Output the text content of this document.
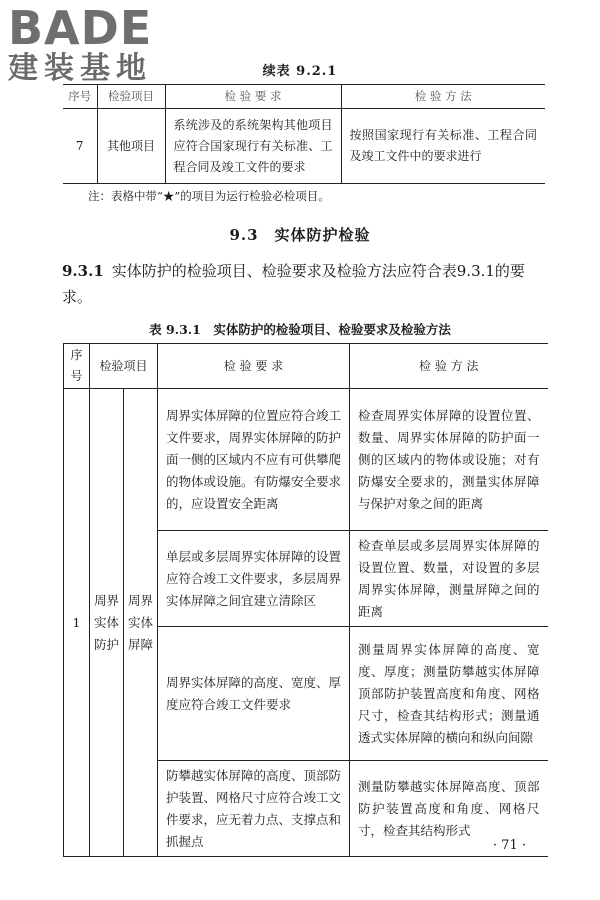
BADE
建装基地	续表 9.2.1
序号	检验项目	检 验 要 求	检 验 方 法
7	其他项目	系统涉及的系统架构其他项目应符合国家现行有关标准、工程合同及竣工文件的要求	按照国家现行有关标准、工程合同及竣工文件中的要求进行
注：表格中带“★”的项目为运行检验必检项目。
9.3　实体防护检验
9.3.1 实体防护的检验项目、检验要求及检验方法应符合表9.3.1的要求。
表 9.3.1　实体防护的检验项目、检验要求及检验方法
序号	检验项目		检 验 要 求	检 验 方 法
1	周界实体防护	周界实体屏障	周界实体屏障的位置应符合竣工文件要求，周界实体屏障的防护面一侧的区域内不应有可供攀爬的物体或设施。有防爆安全要求的，应设置安全距离	检查周界实体屏障的设置位置、数量、周界实体屏障的防护面一侧的区域内的物体或设施；对有防爆安全要求的，测量实体屏障与保护对象之间的距离
			单层或多层周界实体屏障的设置应符合竣工文件要求，多层周界实体屏障之间宜建立清除区	检查单层或多层周界实体屏障的设置位置、数量，对设置的多层周界实体屏障，测量屏障之间的距离
			周界实体屏障的高度、宽度、厚度应符合竣工文件要求	测量周界实体屏障的高度、宽度、厚度；测量防攀越实体屏障顶部防护装置高度和角度、网格尺寸，检查其结构形式；测量通透式实体屏障的横向和纵向间隙
			防攀越实体屏障的高度、顶部防护装置、网格尺寸应符合竣工文件要求，应无着力点、支撑点和抓握点	测量防攀越实体屏障高度、顶部防护装置高度和角度、网格尺寸，检查其结构形式
· 71 ·
